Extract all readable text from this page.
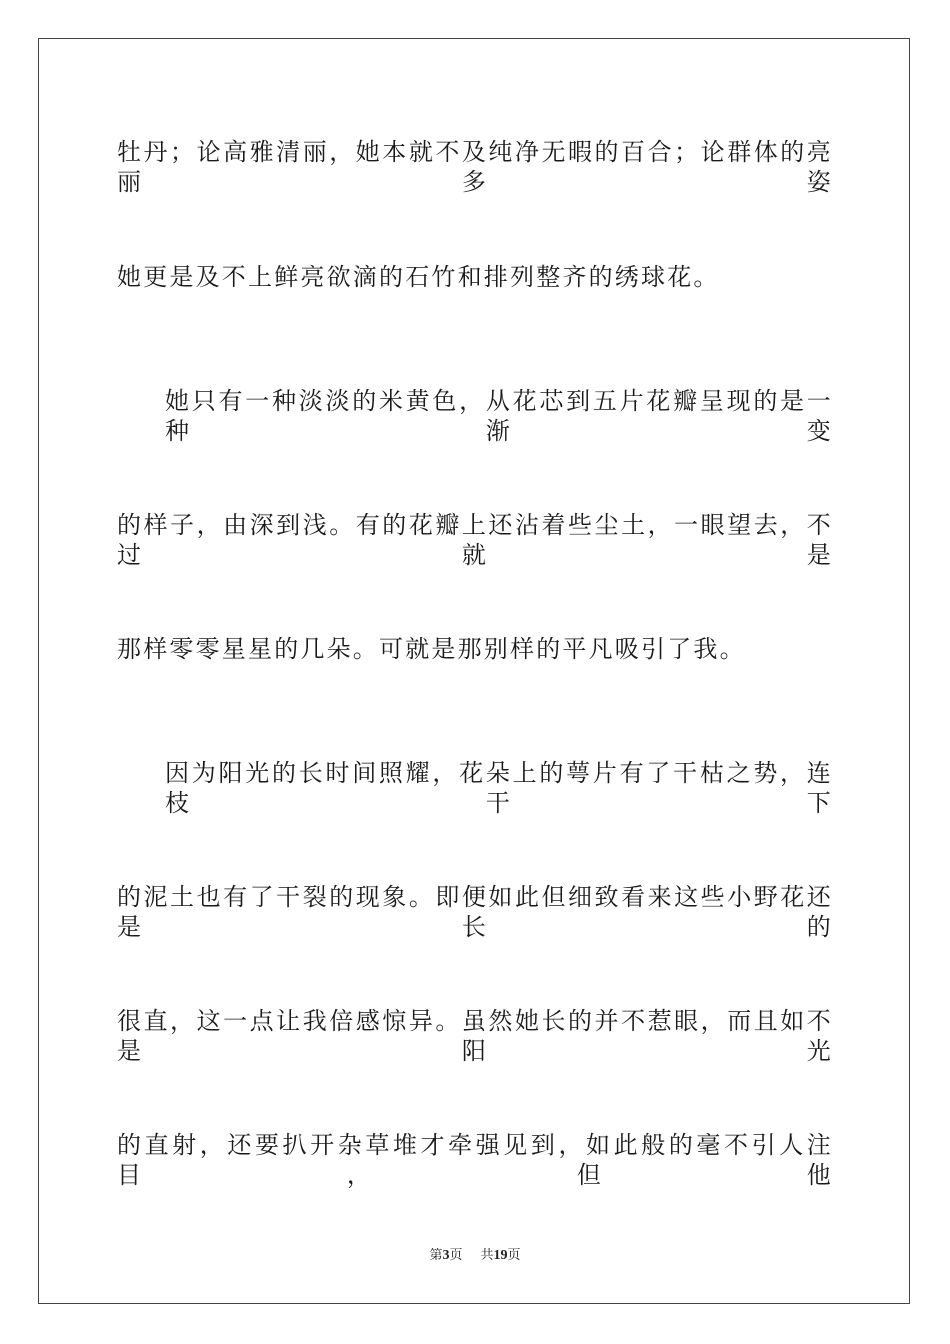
牡丹；论高雅清丽，她本就不及纯净无暇的百合；论群体的亮丽多姿
她更是及不上鲜亮欲滴的石竹和排列整齐的绣球花。
她只有一种淡淡的米黄色，从花芯到五片花瓣呈现的是一种渐变
的样子，由深到浅。有的花瓣上还沾着些尘土，一眼望去，不过就是
那样零零星星的几朵。可就是那别样的平凡吸引了我。
因为阳光的长时间照耀，花朵上的萼片有了干枯之势，连枝干下
的泥土也有了干裂的现象。即便如此但细致看来这些小野花还是长的
很直，这一点让我倍感惊异。虽然她长的并不惹眼，而且如不是阳光
的直射，还要扒开杂草堆才牵强见到，如此般的毫不引人注目，但他
第3页 共19页
